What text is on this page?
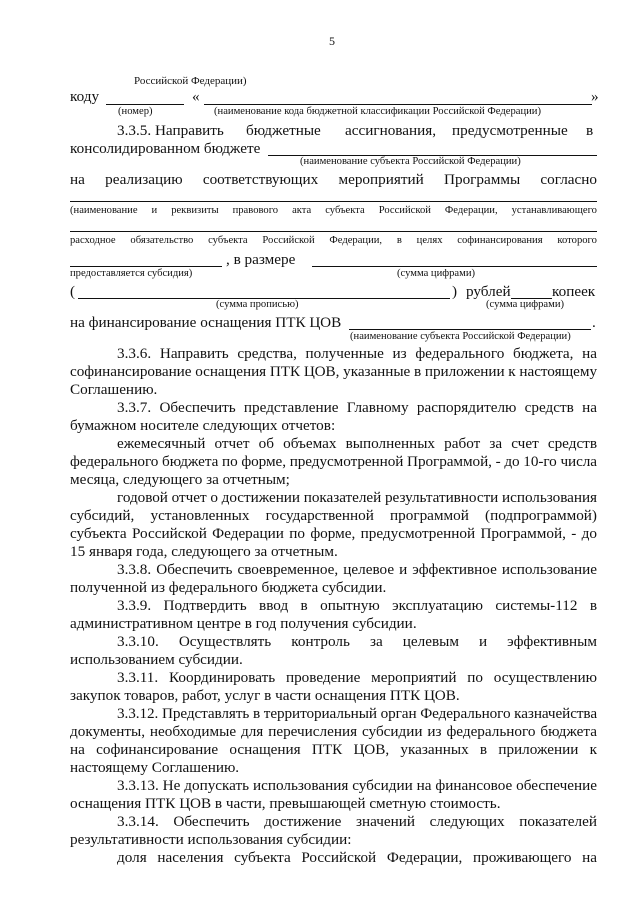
5
Российской Федерации)
коду	«	»
(номер)	(наименование кода бюджетной классификации Российской Федерации)
3.3.5. Направить бюджетные ассигнования, предусмотренные в
консолидированном бюджете
(наименование субъекта Российской Федерации)
на реализацию соответствующих мероприятий Программы согласно
(наименование и реквизиты правового акта субъекта Российской Федерации, устанавливающего
расходное обязательство субъекта Российской Федерации, в целях софинансирования которого
, в размере
предоставляется субсидия)	(сумма цифрами)
(	) рублей	копеек
(сумма прописью)	(сумма цифрами)
на финансирование оснащения ПТК ЦОВ	.
(наименование субъекта Российской Федерации)
3.3.6. Направить средства, полученные из федерального бюджета, на
софинансирование оснащения ПТК ЦОВ, указанные в приложении к настоящему
Соглашению.
3.3.7. Обеспечить представление Главному распорядителю средств на
бумажном носителе следующих отчетов:
ежемесячный отчет об объемах выполненных работ за счет средств
федерального бюджета по форме, предусмотренной Программой, - до 10-го числа
месяца, следующего за отчетным;
годовой отчет о достижении показателей результативности использования
субсидий, установленных государственной программой (подпрограммой)
субъекта Российской Федерации по форме, предусмотренной Программой, - до
15 января года, следующего за отчетным.
3.3.8. Обеспечить своевременное, целевое и эффективное использование
полученной из федерального бюджета субсидии.
3.3.9. Подтвердить ввод в опытную эксплуатацию системы-112 в
административном центре в год получения субсидии.
3.3.10. Осуществлять контроль за целевым и эффективным
использованием субсидии.
3.3.11. Координировать проведение мероприятий по осуществлению
закупок товаров, работ, услуг в части оснащения ПТК ЦОВ.
3.3.12. Представлять в территориальный орган Федерального казначейства
документы, необходимые для перечисления субсидии из федерального бюджета
на софинансирование оснащения ПТК ЦОВ, указанных в приложении к
настоящему Соглашению.
3.3.13. Не допускать использования субсидии на финансовое обеспечение
оснащения ПТК ЦОВ в части, превышающей сметную стоимость.
3.3.14. Обеспечить достижение значений следующих показателей
результативности использования субсидии:
доля населения субъекта Российской Федерации, проживающего на
